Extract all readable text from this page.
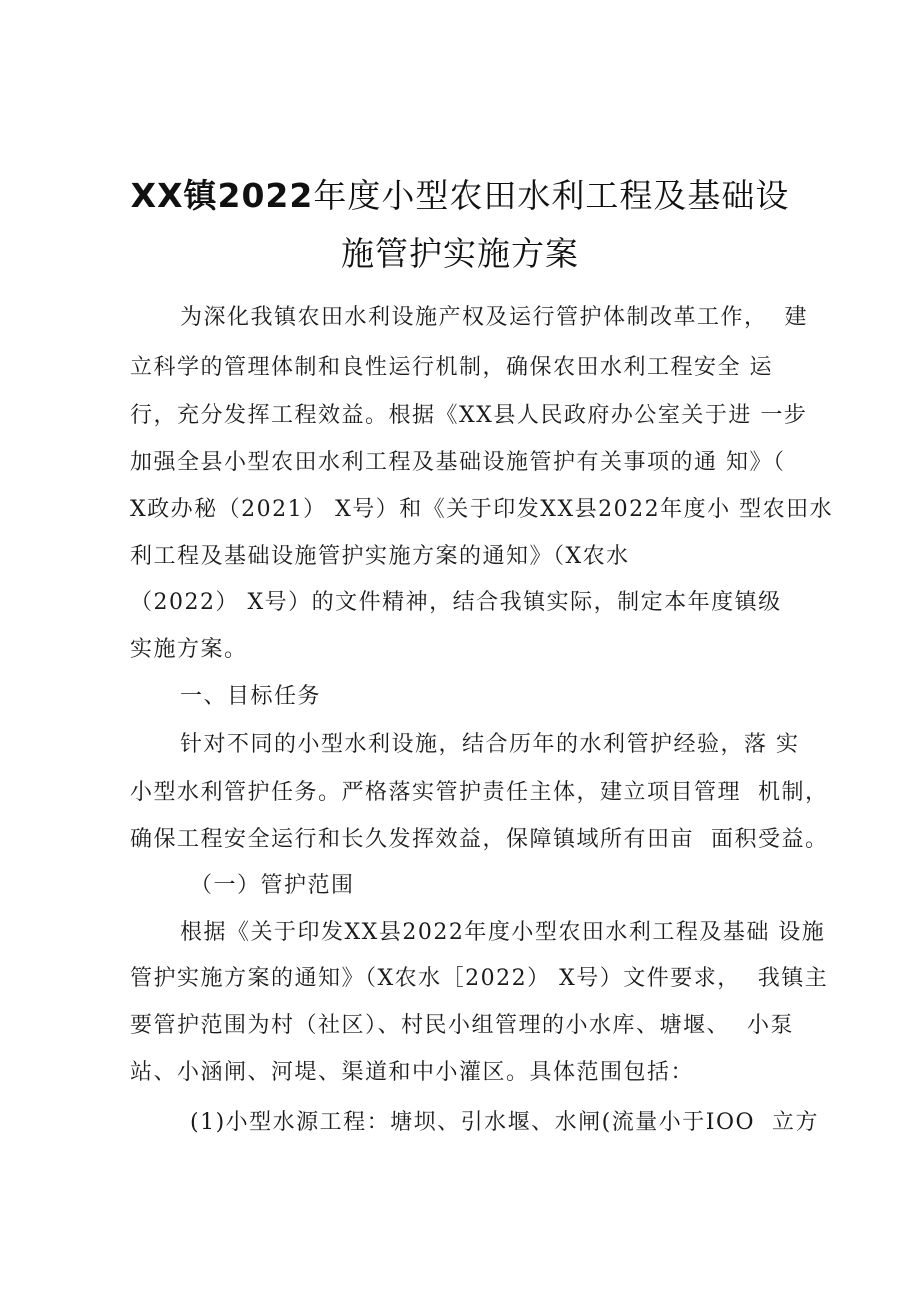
XX镇2022年度小型农田水利工程及基础设
施管护实施方案
为深化我镇农田水利设施产权及运行管护体制改革工作，  建
立科学的管理体制和良性运行机制，确保农田水利工程安全 运
行，充分发挥工程效益。根据《XX县人民政府办公室关于进 一步
加强全县小型农田水利工程及基础设施管护有关事项的通 知》（
X政办秘（2021） X号）和《关于印发XX县2022年度小 型农田水
利工程及基础设施管护实施方案的通知》（X农水
（2022） X号）的文件精神，结合我镇实际，制定本年度镇级
实施方案。
一、目标任务
针对不同的小型水利设施，结合历年的水利管护经验，落 实
小型水利管护任务。严格落实管护责任主体，建立项目管理  机制，
确保工程安全运行和长久发挥效益，保障镇域所有田亩  面积受益。
（一）管护范围
根据《关于印发XX县2022年度小型农田水利工程及基础 设施
管护实施方案的通知》（X农水［2022） X号）文件要求，  我镇主
要管护范围为村（社区）、村民小组管理的小水库、塘堰、  小泵
站、小涵闸、河堤、渠道和中小灌区。具体范围包括：
(1)小型水源工程：塘坝、引水堰、水闸(流量小于IOO  立方
